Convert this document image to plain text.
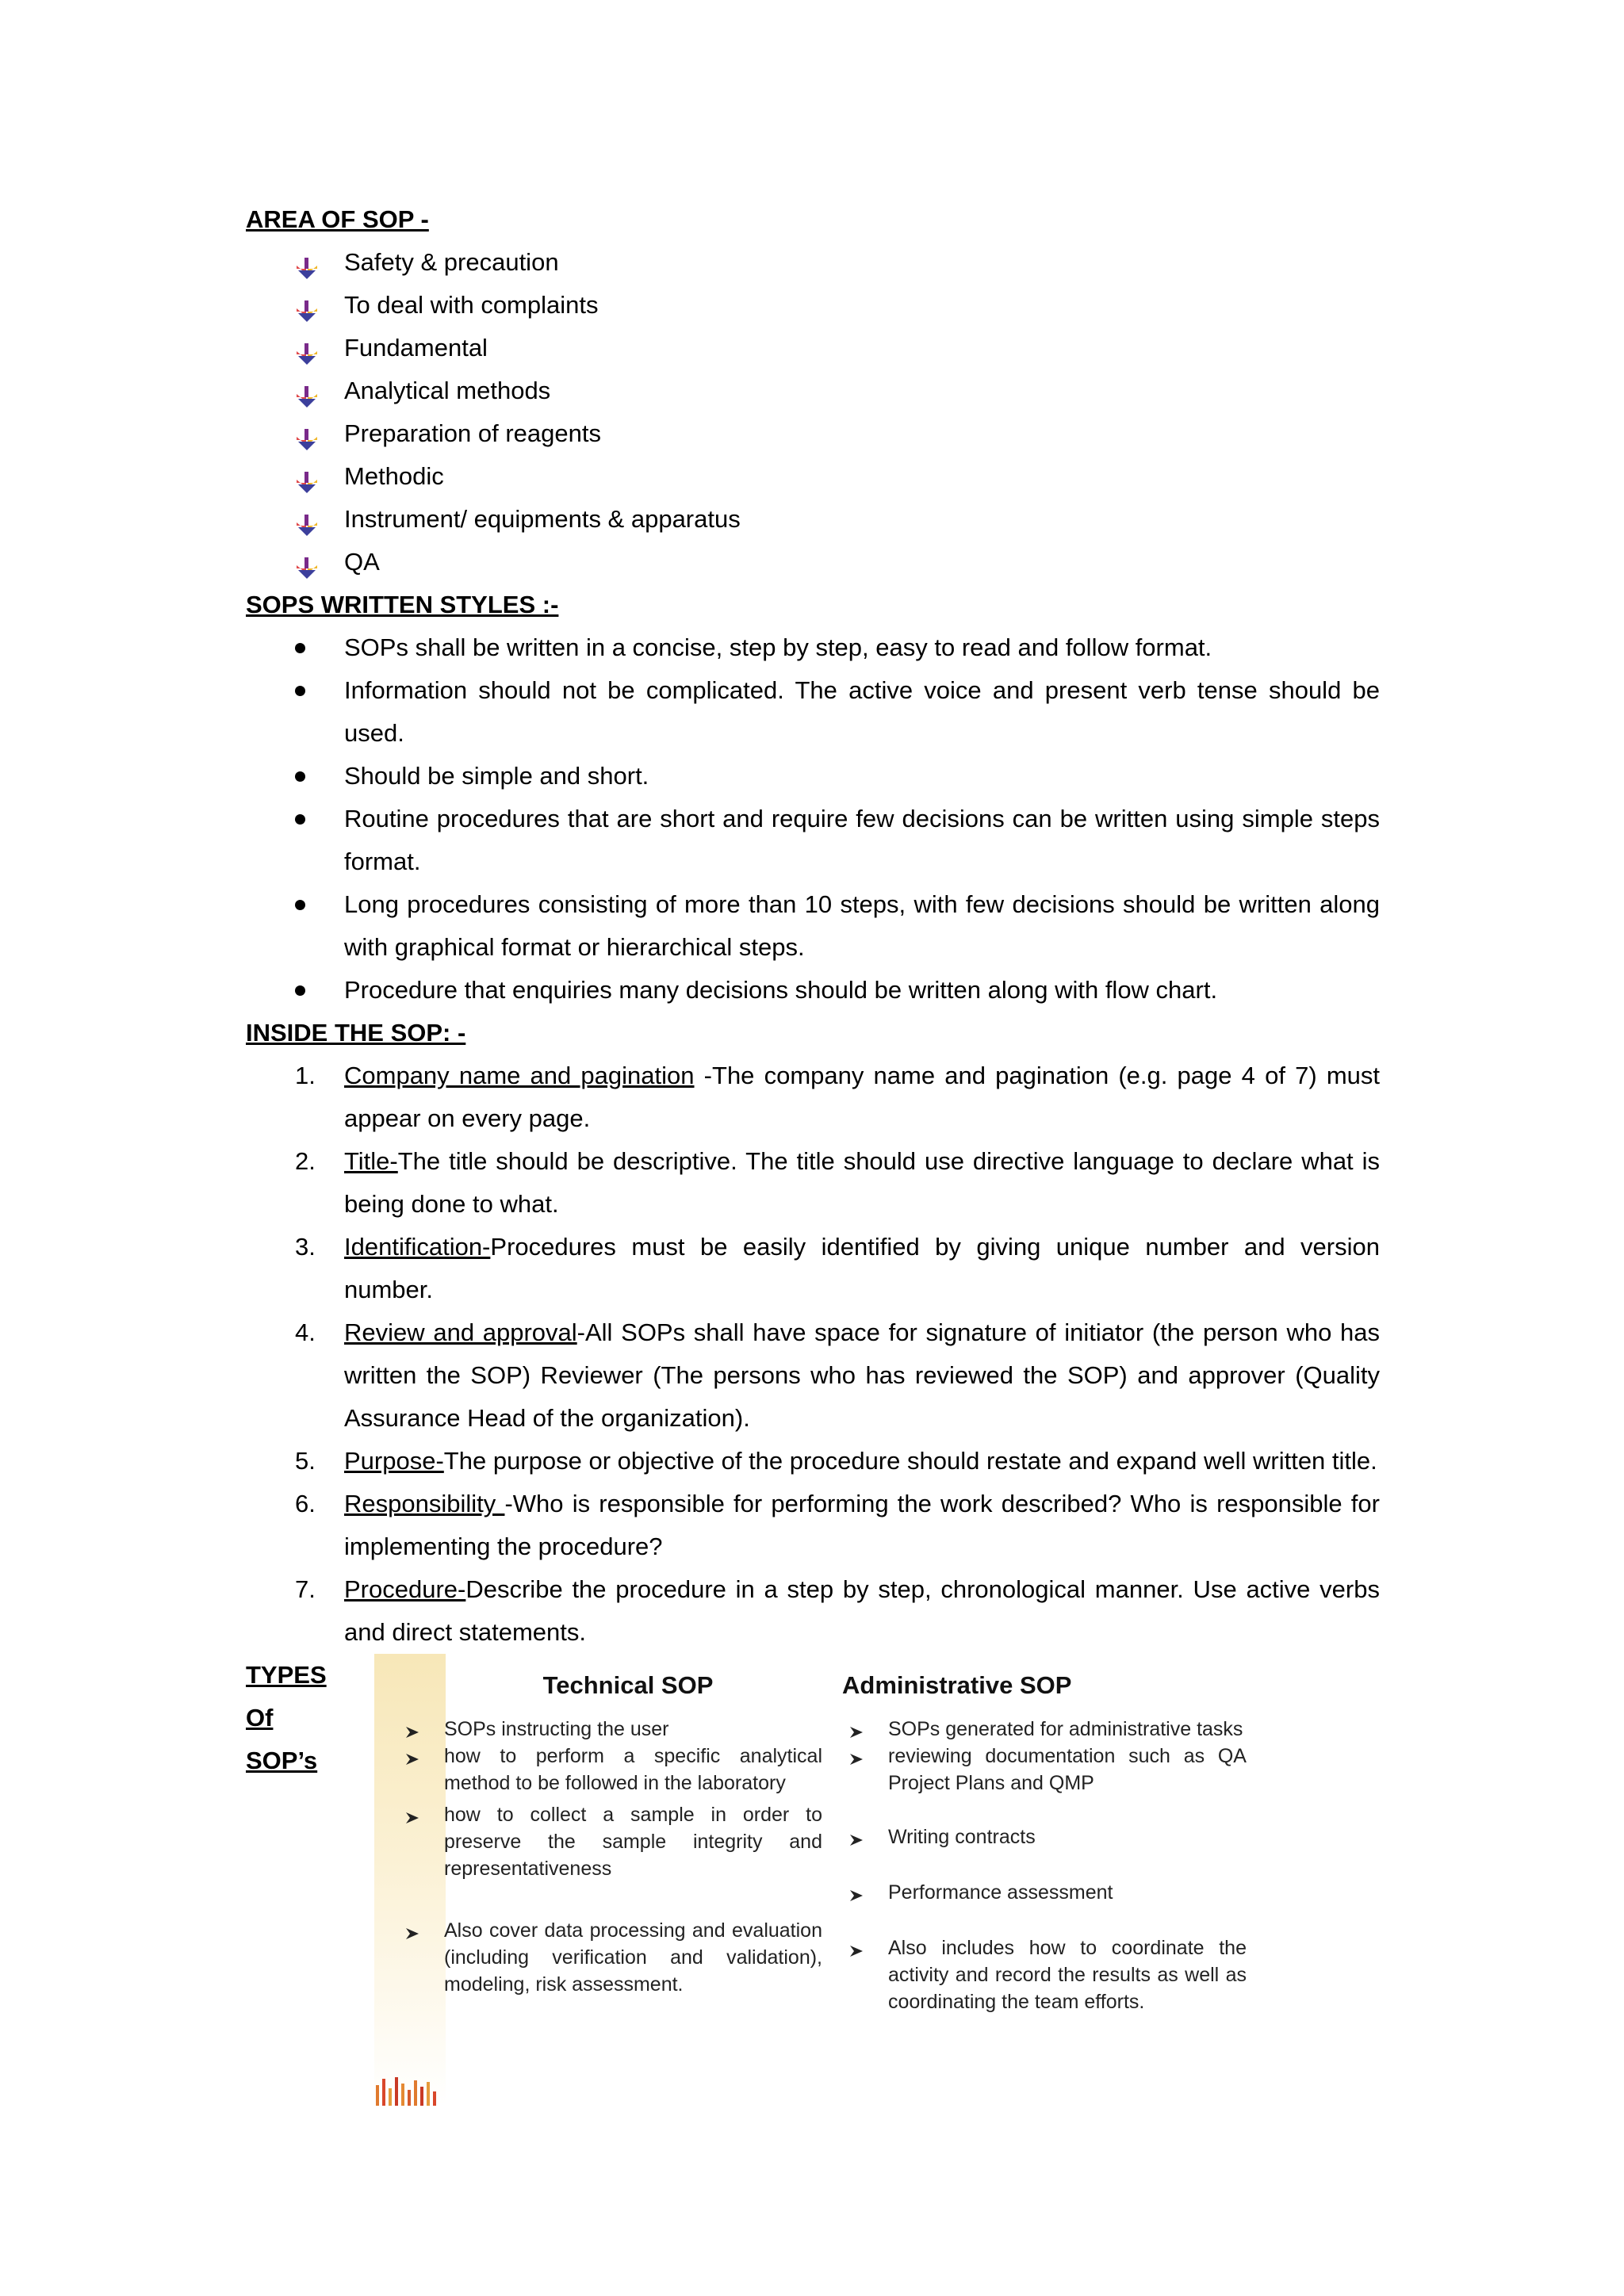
AREA OF SOP -
Safety & precaution
To deal with complaints
Fundamental
Analytical methods
Preparation of reagents
Methodic
Instrument/ equipments & apparatus
QA
SOPS WRITTEN STYLES :-
SOPs shall be written in a concise, step by step, easy to read and follow format.
Information should not be complicated. The active voice and present verb tense should be used.
Should be simple and short.
Routine procedures that are short and require few decisions can be written using simple steps format.
Long procedures consisting of more than 10 steps, with few decisions should be written along with graphical format or hierarchical steps.
Procedure that enquiries many decisions should be written along with flow chart.
INSIDE THE SOP: -
1. Company name and pagination -The company name and pagination (e.g. page 4 of 7) must appear on every page.
2. Title-The title should be descriptive. The title should use directive language to declare what is being done to what.
3. Identification-Procedures must be easily identified by giving unique number and version number.
4. Review and approval-All SOPs shall have space for signature of initiator (the person who has written the SOP) Reviewer (The persons who has reviewed the SOP) and approver (Quality Assurance Head of the organization).
5. Purpose-The purpose or objective of the procedure should restate and expand well written title.
6. Responsibility -Who is responsible for performing the work described? Who is responsible for implementing the procedure?
7. Procedure-Describe the procedure in a step by step, chronological manner. Use active verbs and direct statements.
TYPES
Of
SOP’s
Technical SOP
SOPs instructing the user
how to perform a specific analytical method to be followed in the laboratory
how to collect a sample in order to preserve the sample integrity and representativeness
Also cover data processing and evaluation (including verification and validation), modeling, risk assessment.
Administrative SOP
SOPs generated for administrative tasks
reviewing documentation such as QA Project Plans and QMP
Writing contracts
Performance assessment
Also includes how to coordinate the activity and record the results as well as coordinating the team efforts.
